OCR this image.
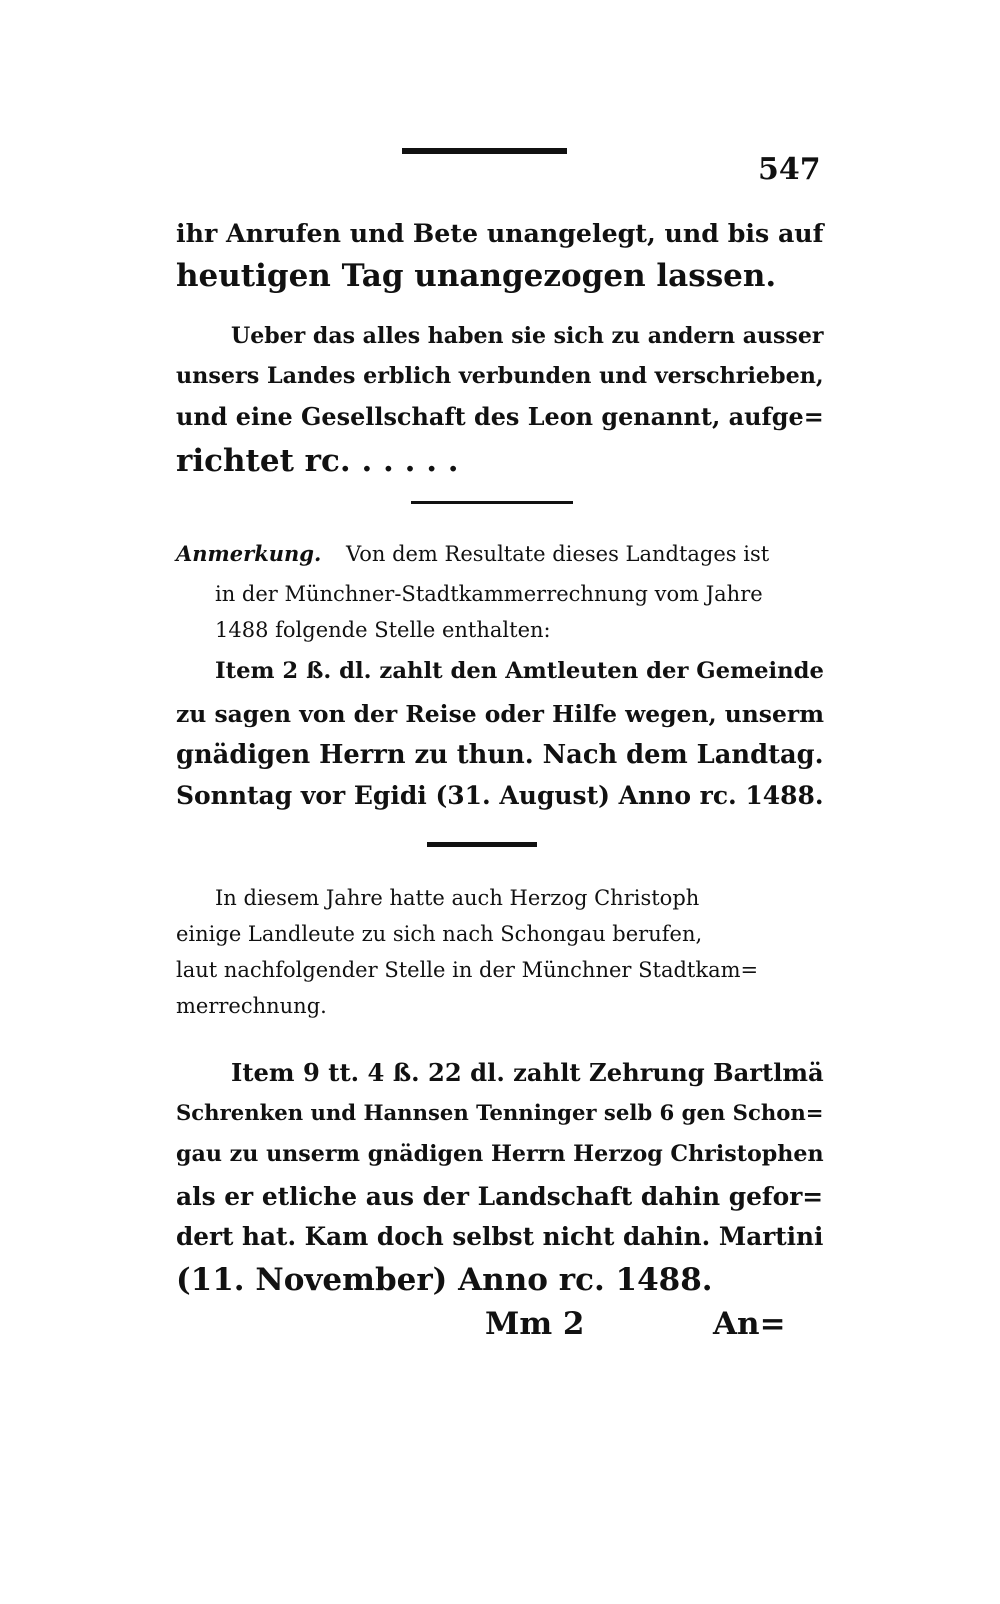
547
ihr Anrufen und Bete unangelegt, und bis auf
heutigen Tag unangezogen lassen.
Ueber das alles haben sie sich zu andern ausser
unsers Landes erblich verbunden und verschrieben,
und eine Gesellschaft des Leon genannt, aufge=
richtet rc. . . . . .
Anmerkung. Von dem Resultate dieses Landtages ist
in der Münchner-Stadtkammerrechnung vom Jahre
1488 folgende Stelle enthalten:
Item 2 ß. dl. zahlt den Amtleuten der Gemeinde
zu sagen von der Reise oder Hilfe wegen, unserm
gnädigen Herrn zu thun. Nach dem Landtag.
Sonntag vor Egidi (31. August) Anno rc. 1488.
In diesem Jahre hatte auch Herzog Christoph
einige Landleute zu sich nach Schongau berufen,
laut nachfolgender Stelle in der Münchner Stadtkam=
merrechnung.
Item 9 tt. 4 ß. 22 dl. zahlt Zehrung Bartlmä
Schrenken und Hannsen Tenninger selb 6 gen Schon=
gau zu unserm gnädigen Herrn Herzog Christophen
als er etliche aus der Landschaft dahin gefor=
dert hat. Kam doch selbst nicht dahin. Martini
(11. November) Anno rc. 1488.
Mm 2	An=
